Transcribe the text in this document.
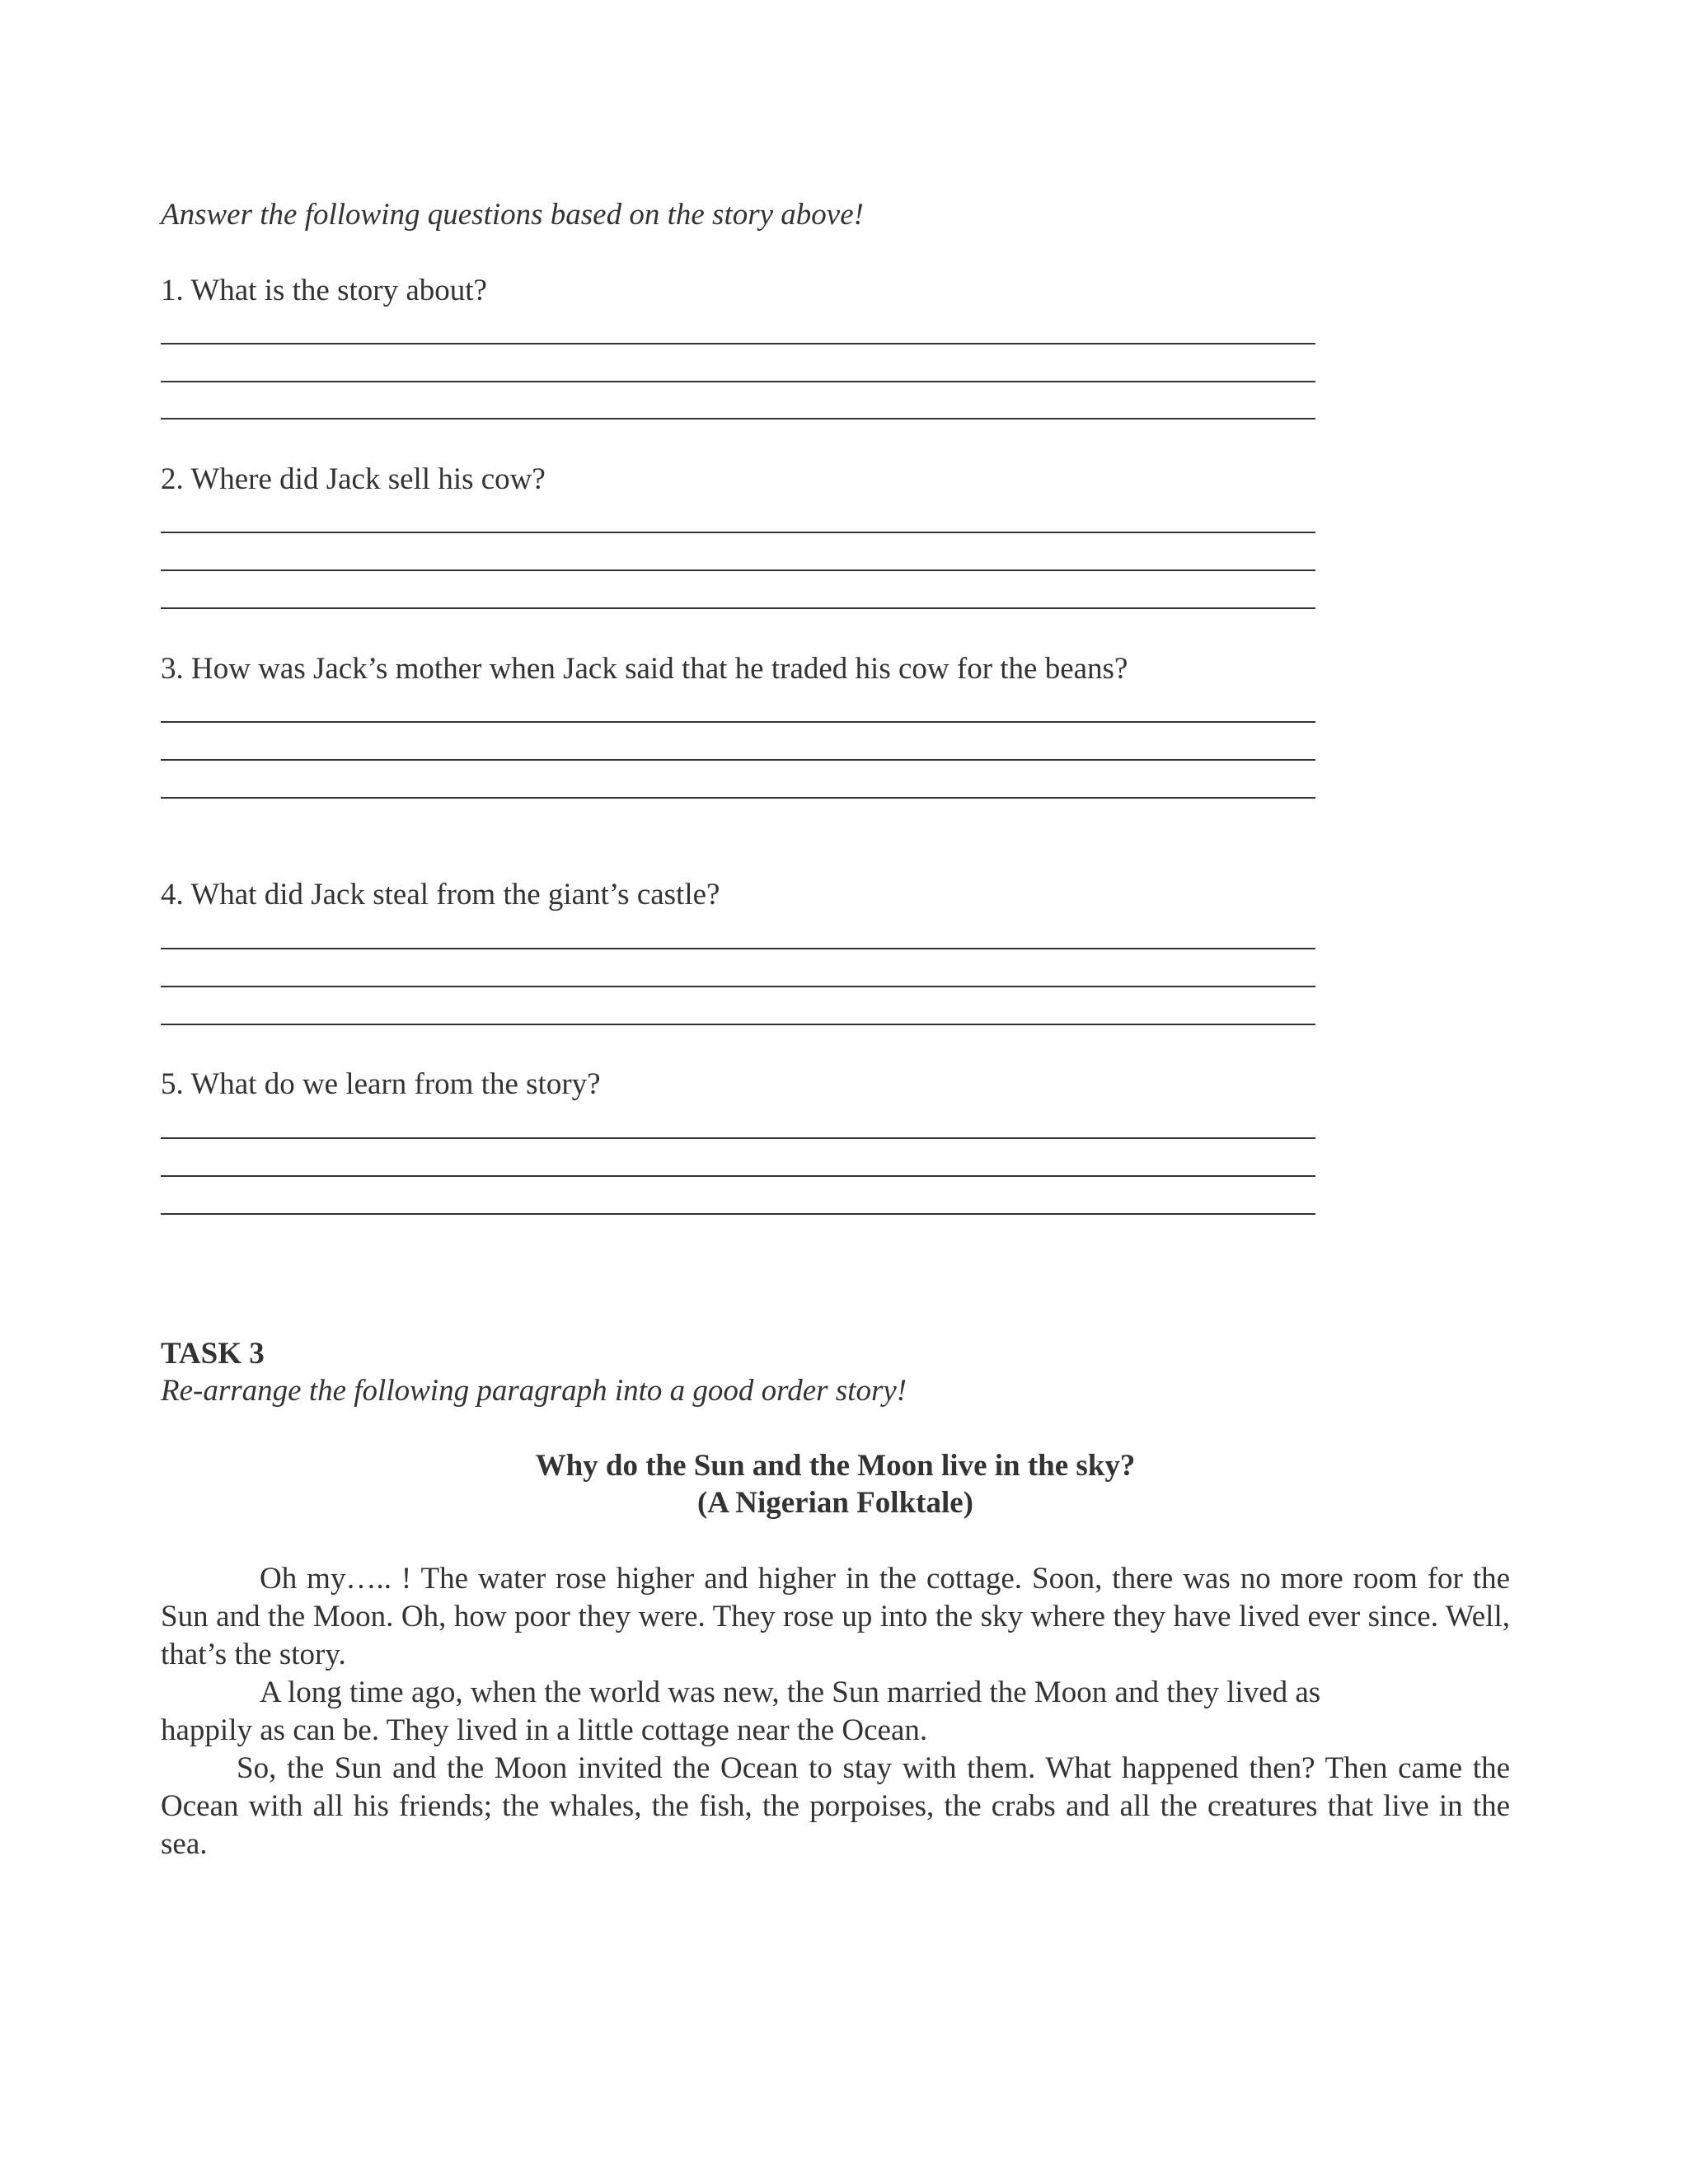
Answer the following questions based on the story above!
1. What is the story about?
2. Where did Jack sell his cow?
3. How was Jack’s mother when Jack said that he traded his cow for the beans?
4. What did Jack steal from the giant’s castle?
5. What do we learn from the story?
TASK 3
Re-arrange the following paragraph into a good order story!
Why do the Sun and the Moon live in the sky?
(A Nigerian Folktale)
Oh my….. ! The water rose higher and higher in the cottage. Soon, there was no more room for the Sun and the Moon. Oh, how poor they were. They rose up into the sky where they have lived ever since. Well, that’s the story.
A long time ago, when the world was new, the Sun married the Moon and they lived as happily as can be. They lived in a little cottage near the Ocean.
So, the Sun and the Moon invited the Ocean to stay with them. What happened then? Then came the Ocean with all his friends; the whales, the fish, the porpoises, the crabs and all the creatures that live in the sea.
